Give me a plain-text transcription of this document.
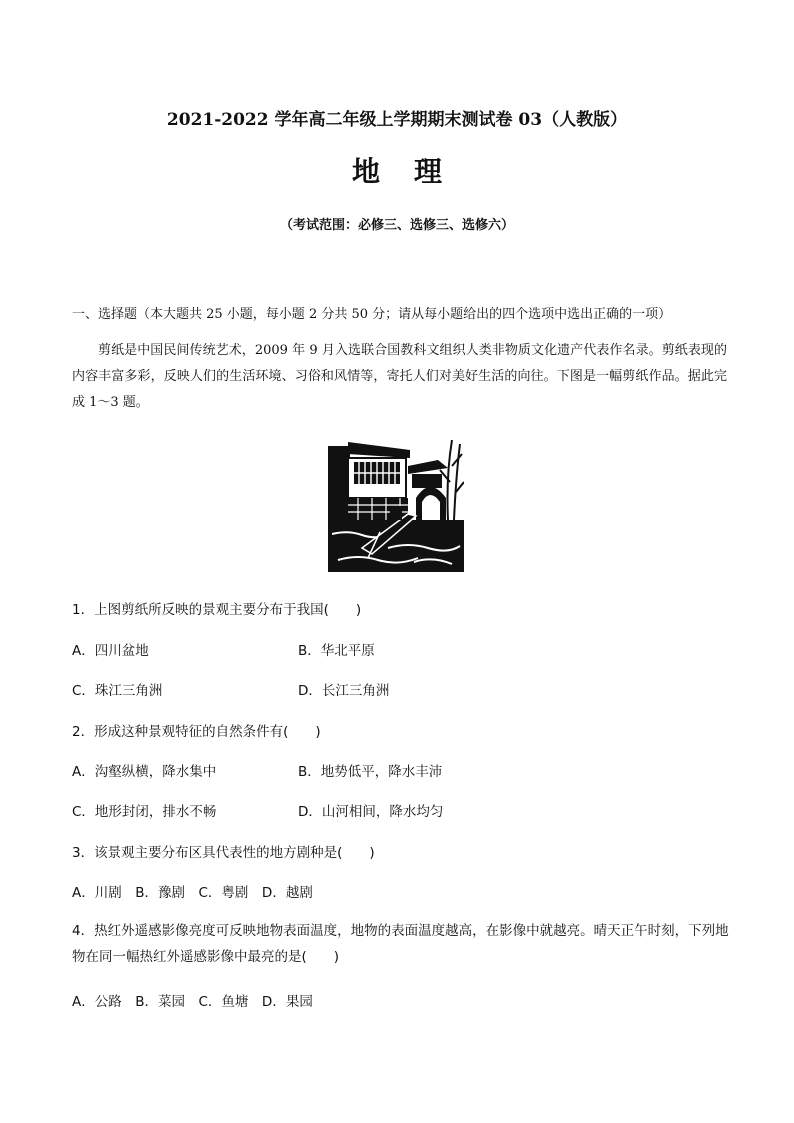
2021-2022 学年高二年级上学期期末测试卷 03（人教版）
地理
（考试范围：必修三、选修三、选修六）
一、选择题（本大题共 25 小题，每小题 2 分共 50 分；请从每小题给出的四个选项中选出正确的一项）
剪纸是中国民间传统艺术，2009 年 9 月入选联合国教科文组织人类非物质文化遗产代表作名录。剪纸表现的内容丰富多彩，反映人们的生活环境、习俗和风情等，寄托人们对美好生活的向往。下图是一幅剪纸作品。据此完成 1～3 题。
1．上图剪纸所反映的景观主要分布于我国(　　)
A．四川盆地	B．华北平原
C．珠江三角洲	D．长江三角洲
2．形成这种景观特征的自然条件有(　　)
A．沟壑纵横，降水集中	B．地势低平，降水丰沛
C．地形封闭，排水不畅	D．山河相间，降水均匀
3．该景观主要分布区具代表性的地方剧种是(　　)
A．川剧　B．豫剧　C．粤剧　D．越剧
4．热红外遥感影像亮度可反映地物表面温度，地物的表面温度越高，在影像中就越亮。晴天正午时刻，下列地物在同一幅热红外遥感影像中最亮的是(　　)
A．公路　B．菜园　C．鱼塘　D．果园
